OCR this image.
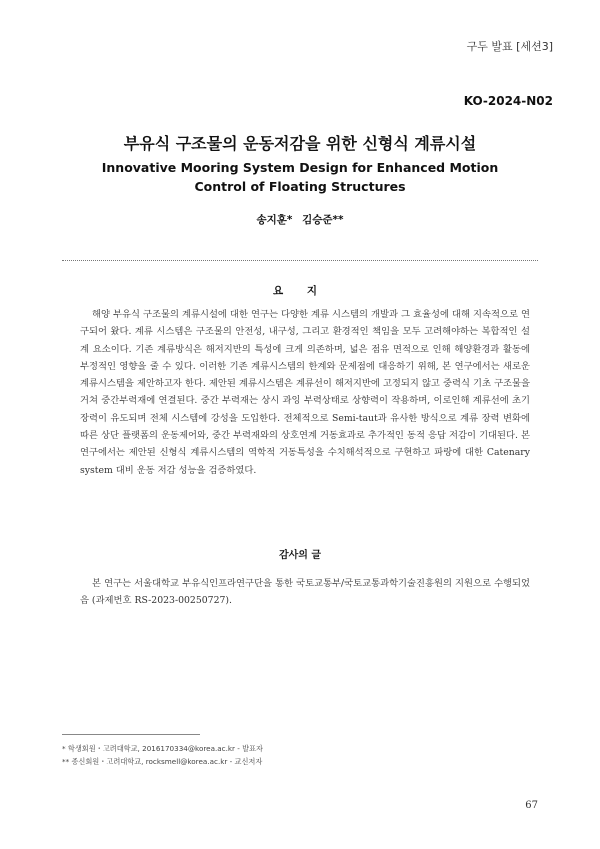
구두 발표 [세션3]
KO-2024-N02
부유식 구조물의 운동저감을 위한 신형식 계류시설
Innovative Mooring System Design for Enhanced Motion Control of Floating Structures
송지훈* 김승준**
요 지
해양 부유식 구조물의 계류시설에 대한 연구는 다양한 계류 시스템의 개발과 그 효율성에 대해 지속적으로 연구되어 왔다. 계류 시스템은 구조물의 안전성, 내구성, 그리고 환경적인 책임을 모두 고려해야하는 복합적인 설계 요소이다. 기존 계류방식은 해저지반의 특성에 크게 의존하며, 넓은 점유 면적으로 인해 해양환경과 활동에 부정적인 영향을 줄 수 있다. 이러한 기존 계류시스템의 한계와 문제점에 대응하기 위해, 본 연구에서는 새로운 계류시스템을 제안하고자 한다. 제안된 계류시스템은 계류선이 해저지반에 고정되지 않고 중력식 기초 구조물을 거쳐 중간부력재에 연결된다. 중간 부력재는 상시 과잉 부력상태로 상향력이 작용하며, 이로인해 계류선에 초기장력이 유도되며 전체 시스템에 강성을 도입한다. 전체적으로 Semi-taut과 유사한 방식으로 계류 장력 변화에 따른 상단 플랫폼의 운동제어와, 중간 부력재와의 상호연계 거동효과로 추가적인 동적 응답 저감이 기대된다. 본 연구에서는 제안된 신형식 계류시스템의 역학적 거동특성을 수치해석적으로 구현하고 파랑에 대한 Catenary system 대비 운동 저감 성능을 검증하였다.
감사의 글
본 연구는 서울대학교 부유식인프라연구단을 통한 국토교통부/국토교통과학기술진흥원의 지원으로 수행되었음 (과제번호 RS-2023-00250727).
* 학생회원・고려대학교, 2016170334@korea.ac.kr - 발표자
** 종신회원・고려대학교, rocksmell@korea.ac.kr - 교신저자
67
